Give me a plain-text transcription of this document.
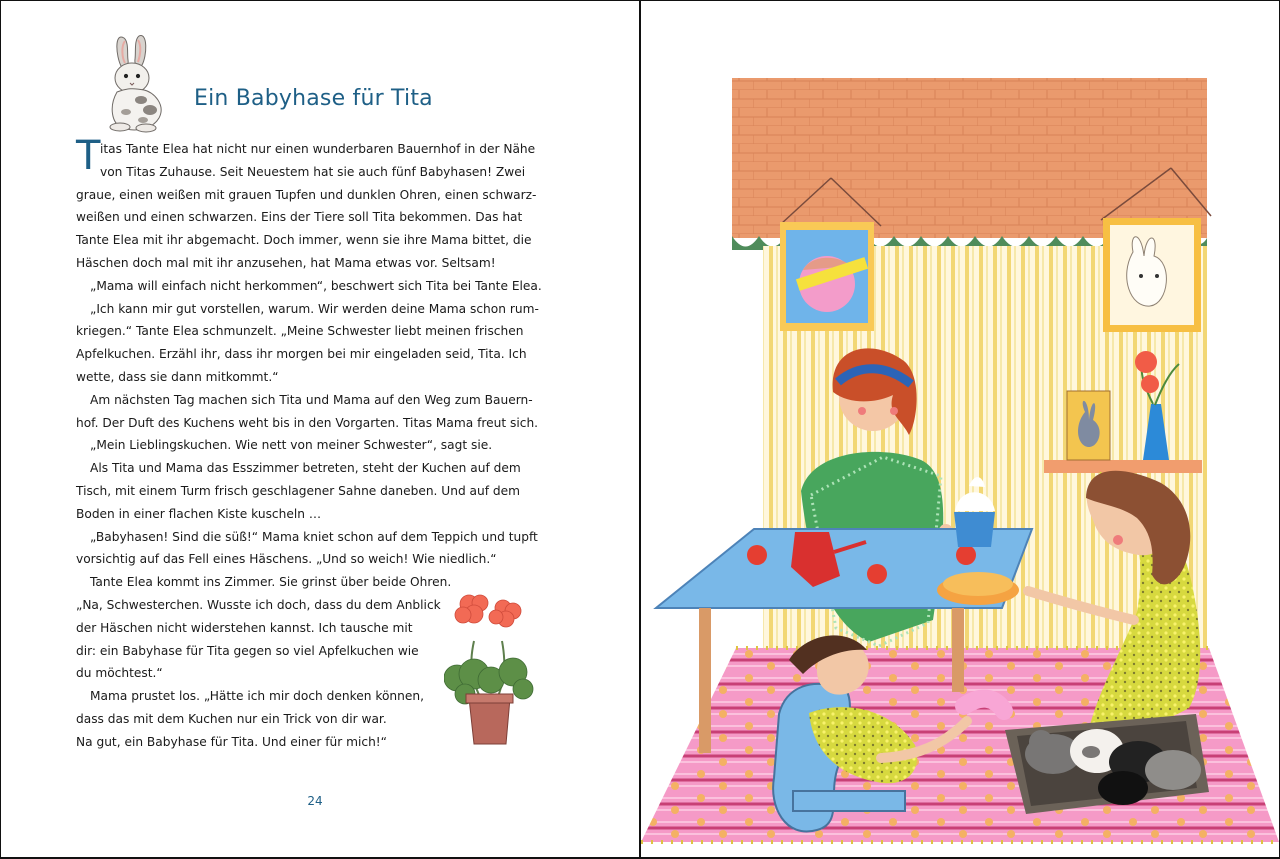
Ein Babyhase für Tita
T itas Tante Elea hat nicht nur einen wunderbaren Bauernhof in der Nähe
von Titas Zuhause. Seit Neuestem hat sie auch fünf Babyhasen! Zwei
graue, einen weißen mit grauen Tupfen und dunklen Ohren, einen schwarz-
weißen und einen schwarzen. Eins der Tiere soll Tita bekommen. Das hat
Tante Elea mit ihr abgemacht. Doch immer, wenn sie ihre Mama bittet, die
Häschen doch mal mit ihr anzusehen, hat Mama etwas vor. Seltsam!
„Mama will einfach nicht herkommen“, beschwert sich Tita bei Tante Elea.
„Ich kann mir gut vorstellen, warum. Wir werden deine Mama schon rum-
kriegen.“ Tante Elea schmunzelt. „Meine Schwester liebt meinen frischen
Apfelkuchen. Erzähl ihr, dass ihr morgen bei mir eingeladen seid, Tita. Ich
wette, dass sie dann mitkommt.“
Am nächsten Tag machen sich Tita und Mama auf den Weg zum Bauern-
hof. Der Duft des Kuchens weht bis in den Vorgarten. Titas Mama freut sich.
„Mein Lieblingskuchen. Wie nett von meiner Schwester“, sagt sie.
Als Tita und Mama das Esszimmer betreten, steht der Kuchen auf dem
Tisch, mit einem Turm frisch geschlagener Sahne daneben. Und auf dem
Boden in einer flachen Kiste kuscheln …
„Babyhasen! Sind die süß!“ Mama kniet schon auf dem Teppich und tupft
vorsichtig auf das Fell eines Häschens. „Und so weich! Wie niedlich.“
Tante Elea kommt ins Zimmer. Sie grinst über beide Ohren.
„Na, Schwesterchen. Wusste ich doch, dass du dem Anblick
der Häschen nicht widerstehen kannst. Ich tausche mit
dir: ein Babyhase für Tita gegen so viel Apfelkuchen wie
du möchtest.“
Mama prustet los. „Hätte ich mir doch denken können,
dass das mit dem Kuchen nur ein Trick von dir war.
Na gut, ein Babyhase für Tita. Und einer für mich!“
24
